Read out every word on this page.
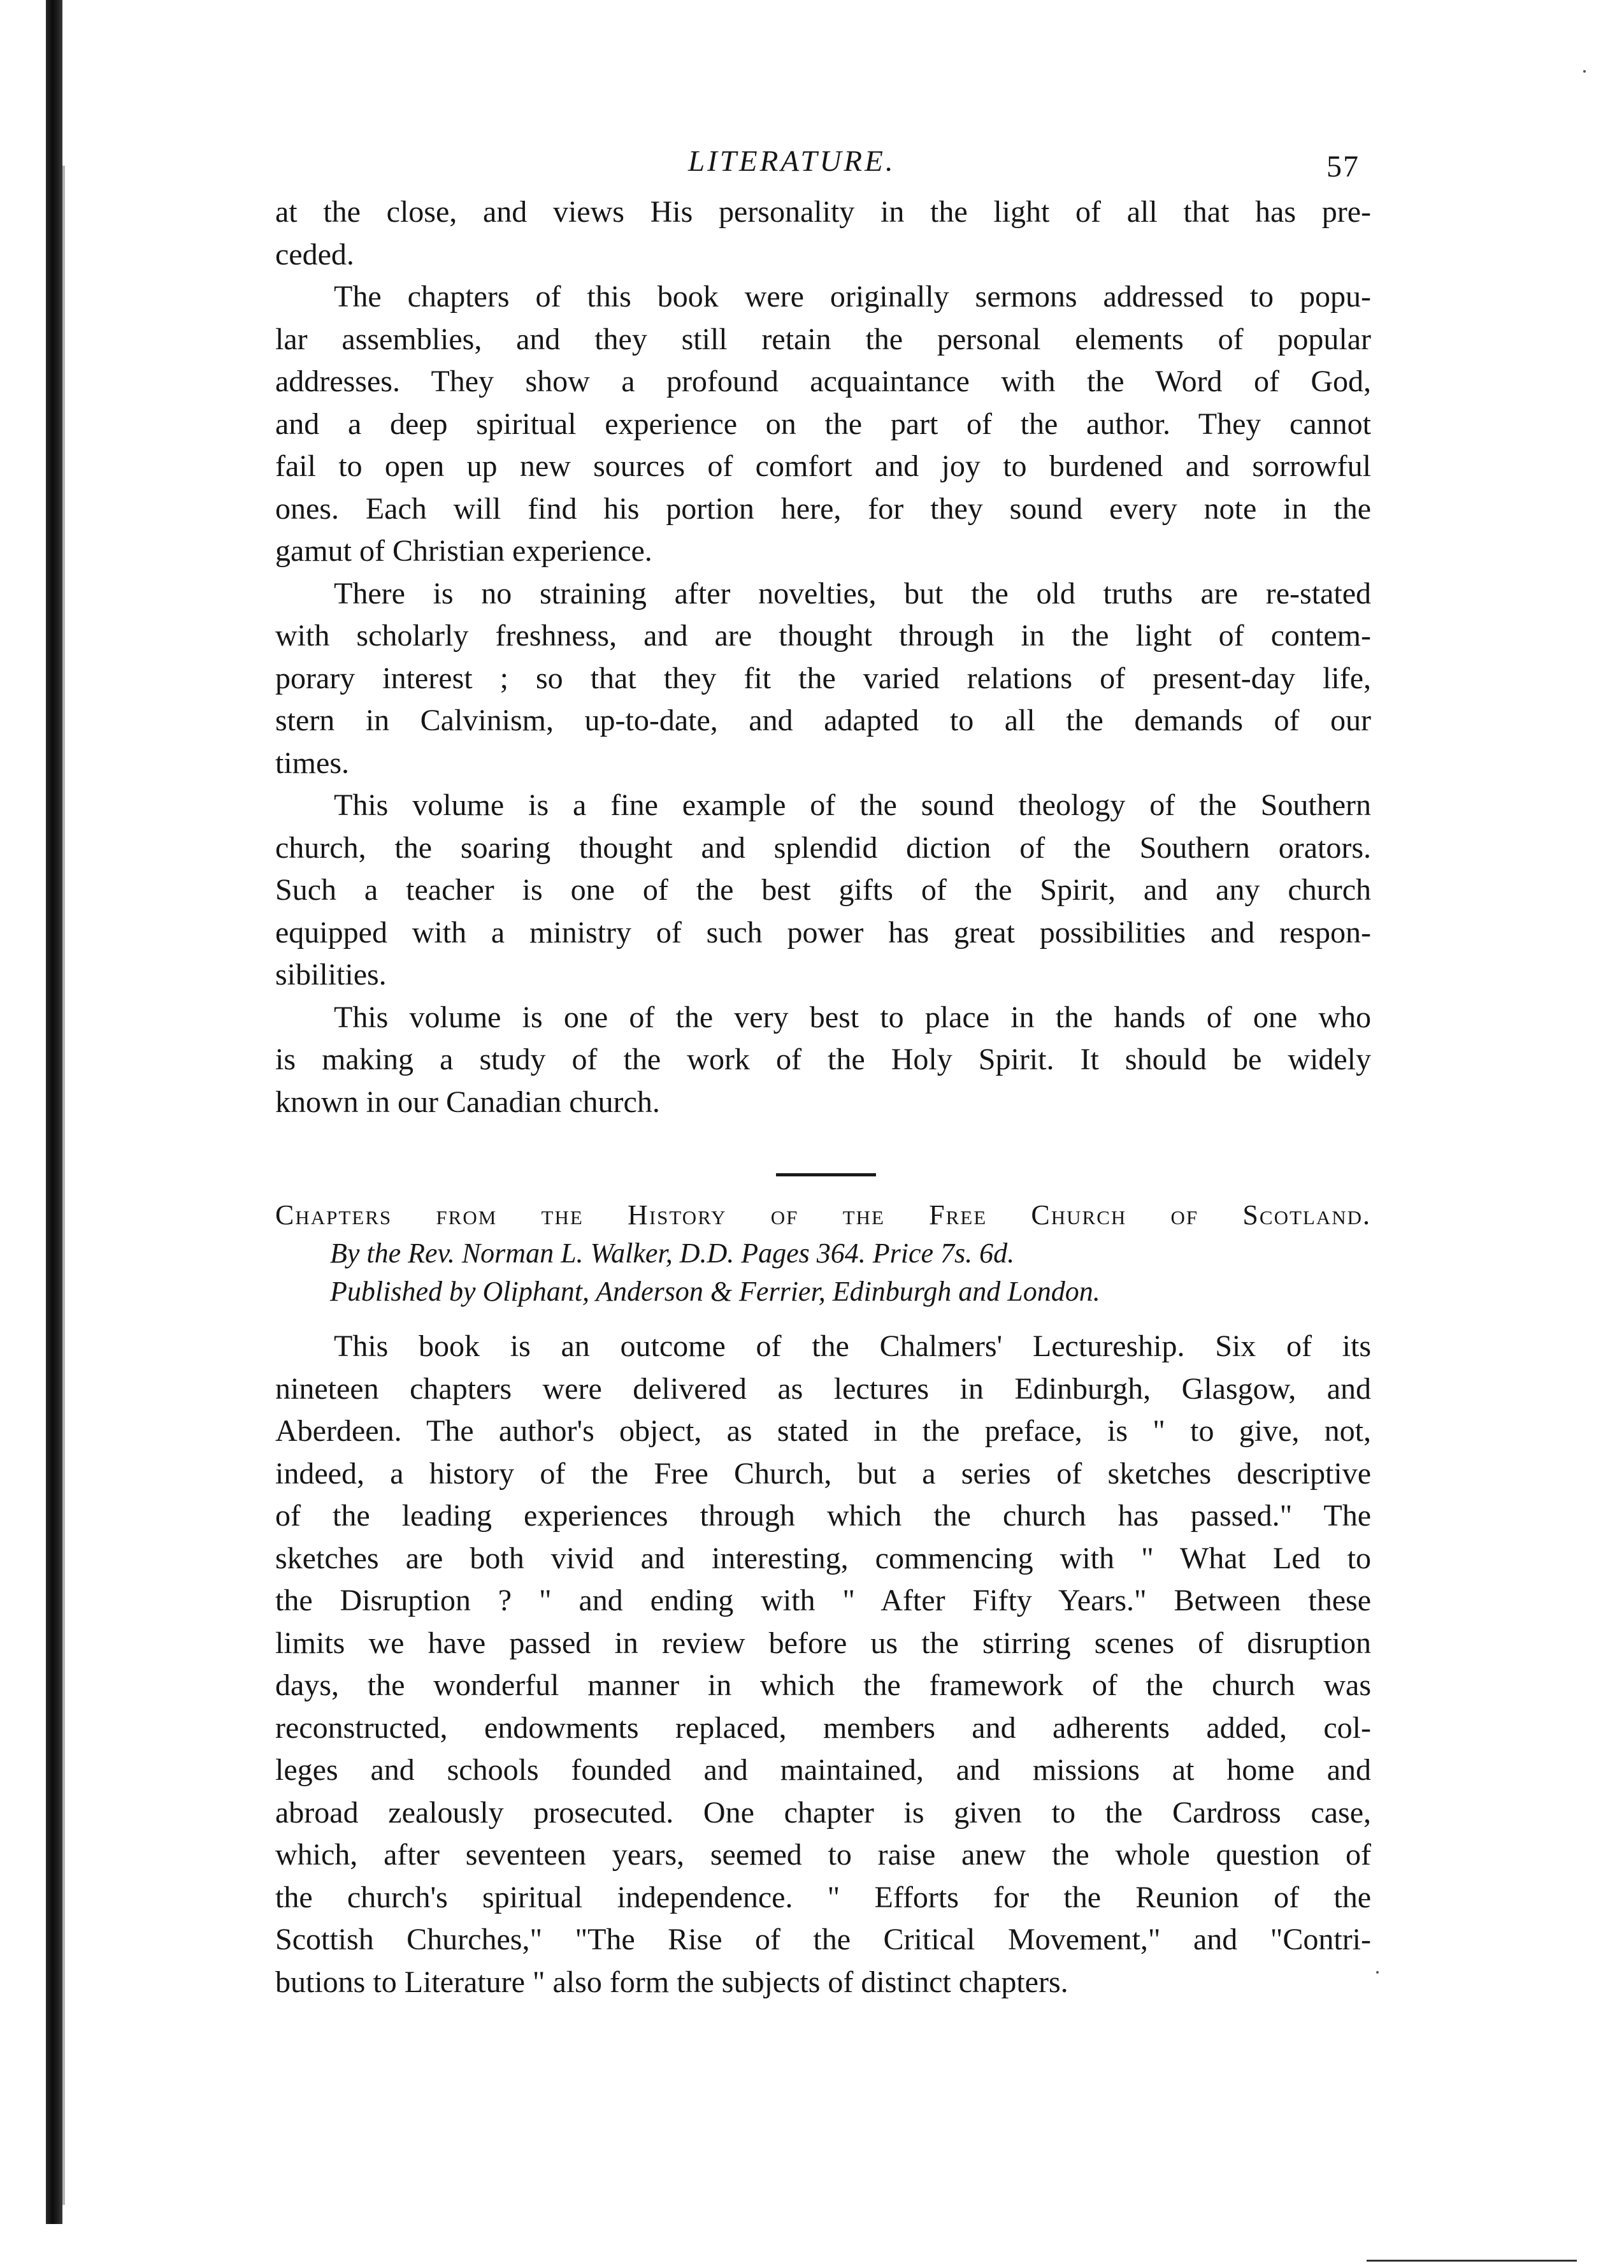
LITERATURE.	57
at the close, and views His personality in the light of all that has pre-
ceded.
The chapters of this book were originally sermons addressed to popu-
lar assemblies, and they still retain the personal elements of popular
addresses. They show a profound acquaintance with the Word of God,
and a deep spiritual experience on the part of the author. They cannot
fail to open up new sources of comfort and joy to burdened and sorrowful
ones. Each will find his portion here, for they sound every note in the
gamut of Christian experience.
There is no straining after novelties, but the old truths are re-stated
with scholarly freshness, and are thought through in the light of contem-
porary interest ; so that they fit the varied relations of present-day life,
stern in Calvinism, up-to-date, and adapted to all the demands of our
times.
This volume is a fine example of the sound theology of the Southern
church, the soaring thought and splendid diction of the Southern orators.
Such a teacher is one of the best gifts of the Spirit, and any church
equipped with a ministry of such power has great possibilities and respon-
sibilities.
This volume is one of the very best to place in the hands of one who
is making a study of the work of the Holy Spirit. It should be widely
known in our Canadian church.
Chapters from the History of the Free Church of Scotland.
By the Rev. Norman L. Walker, D.D. Pages 364. Price 7s. 6d.
Published by Oliphant, Anderson & Ferrier, Edinburgh and London.
This book is an outcome of the Chalmers' Lectureship. Six of its
nineteen chapters were delivered as lectures in Edinburgh, Glasgow, and
Aberdeen. The author's object, as stated in the preface, is " to give, not,
indeed, a history of the Free Church, but a series of sketches descriptive
of the leading experiences through which the church has passed." The
sketches are both vivid and interesting, commencing with " What Led to
the Disruption ? " and ending with " After Fifty Years." Between these
limits we have passed in review before us the stirring scenes of disruption
days, the wonderful manner in which the framework of the church was
reconstructed, endowments replaced, members and adherents added, col-
leges and schools founded and maintained, and missions at home and
abroad zealously prosecuted. One chapter is given to the Cardross case,
which, after seventeen years, seemed to raise anew the whole question of
the church's spiritual independence. " Efforts for the Reunion of the
Scottish Churches," "The Rise of the Critical Movement," and "Contri-
butions to Literature " also form the subjects of distinct chapters.
